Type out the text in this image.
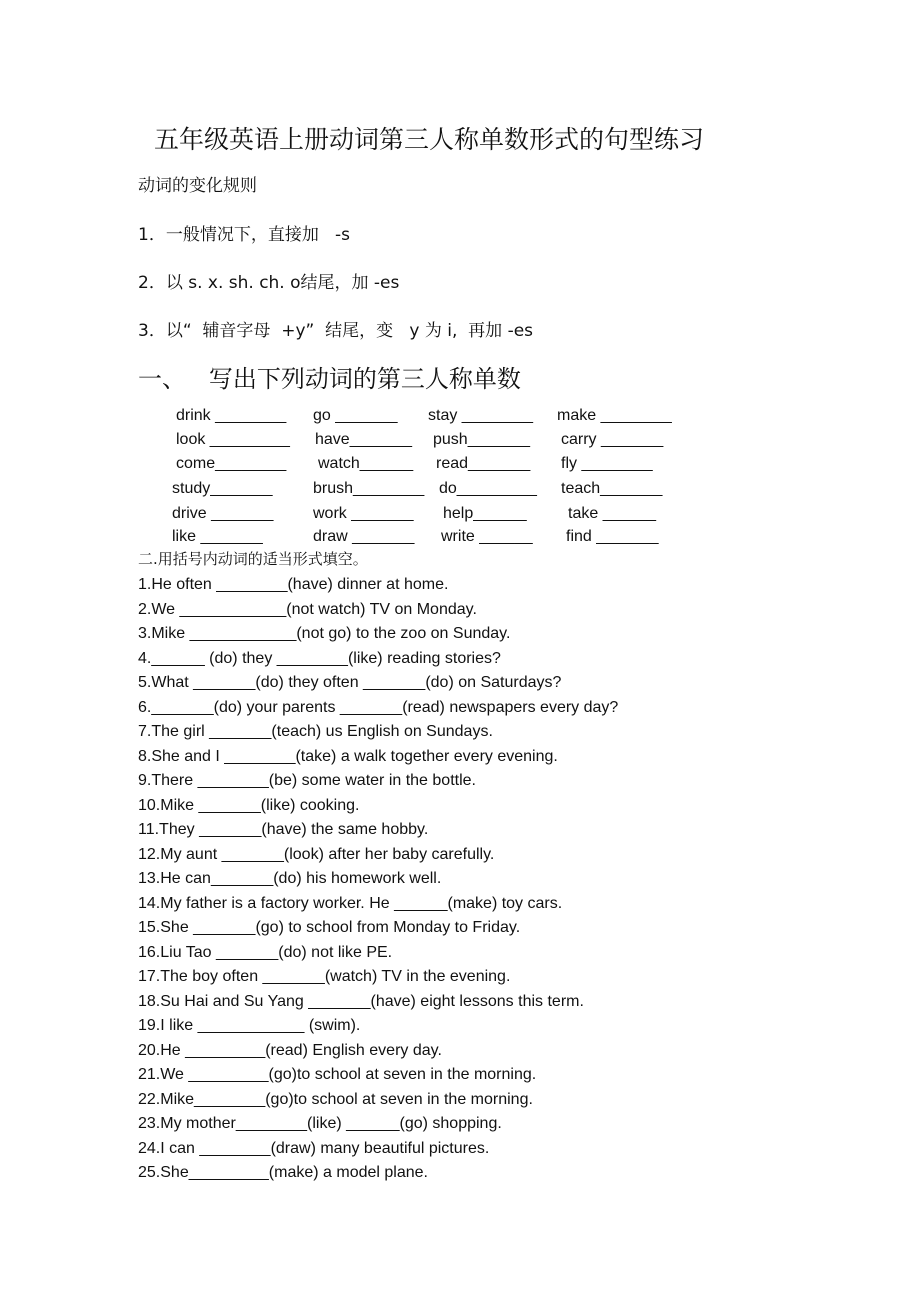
五年级英语上册动词第三人称单数形式的句型练习
动词的变化规则
1．一般情况下，直接加   -s
2．以 s. x. sh. ch. o结尾，加 -es
3．以“  辅音字母  +y”  结尾，变   y 为 i,  再加 -es
一、   写出下列动词的第三人称单数
drink ________ go _______ stay ________ make ________
look _________ have_______ push_______ carry _______
come________ watch______ read_______ fly ________
study_______	brush________ do_________ teach_______
drive _______ work _______ help______	take ______
like _______	draw _______ write ______ find _______
二.用括号内动词的适当形式填空。
1.He often ________(have) dinner at home.
2.We ____________(not watch) TV on Monday.
3.Mike ____________(not go) to the zoo on Sunday.
4.______ (do) they ________(like) reading stories?
5.What _______(do) they often _______(do) on Saturdays?
6._______(do) your parents _______(read) newspapers every day?
7.The girl _______(teach) us English on Sundays.
8.She and I ________(take) a walk together every evening.
9.There ________(be) some water in the bottle.
10.Mike _______(like) cooking.
11.They _______(have) the same hobby.
12.My aunt _______(look) after her baby carefully.
13.He can_______(do) his homework well.
14.My father is a factory worker. He ______(make) toy cars.
15.She _______(go) to school from Monday to Friday.
16.Liu Tao _______(do) not like PE.
17.The boy often _______(watch) TV in the evening.
18.Su Hai and Su Yang _______(have) eight lessons this term.
19.I like ____________ (swim).
20.He _________(read) English every day.
21.We _________(go)to school at seven in the morning.
22.Mike________(go)to school at seven in the morning.
23.My mother________(like) ______(go) shopping.
24.I can ________(draw) many beautiful pictures.
25.She_________(make) a model plane.
